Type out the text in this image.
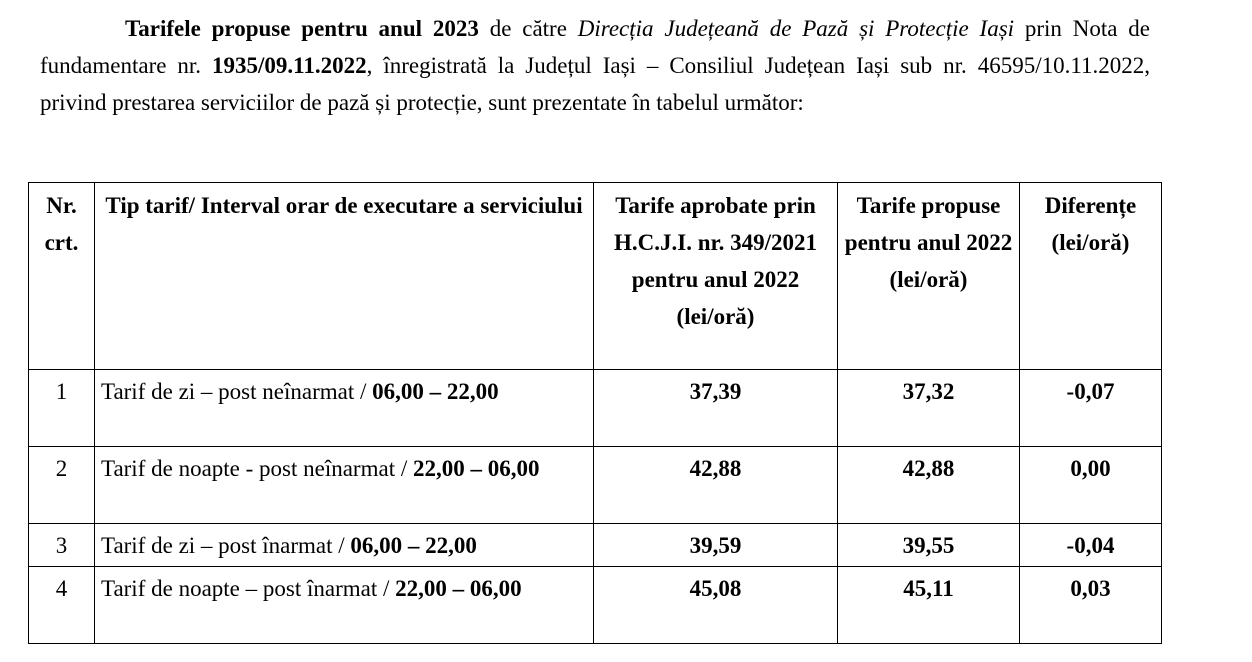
Tarifele propuse pentru anul 2023 de către Direcția Județeană de Pază și Protecție Iași prin Nota de fundamentare nr. 1935/09.11.2022, înregistrată la Județul Iași – Consiliul Județean Iași sub nr. 46595/10.11.2022, privind prestarea serviciilor de pază și protecție, sunt prezentate în tabelul următor:
Nr. crt.	Tip tarif/ Interval orar de executare a serviciului	Tarife aprobate prin H.C.J.I. nr. 349/2021 pentru anul 2022 (lei/oră)	Tarife propuse pentru anul 2022 (lei/oră)	Diferențe (lei/oră)
1	Tarif de zi – post neînarmat / 06,00 – 22,00	37,39	37,32	-0,07
2	Tarif de noapte - post neînarmat / 22,00 – 06,00	42,88	42,88	0,00
3	Tarif de zi – post înarmat / 06,00 – 22,00	39,59	39,55	-0,04
4	Tarif de noapte – post înarmat / 22,00 – 06,00	45,08	45,11	0,03
